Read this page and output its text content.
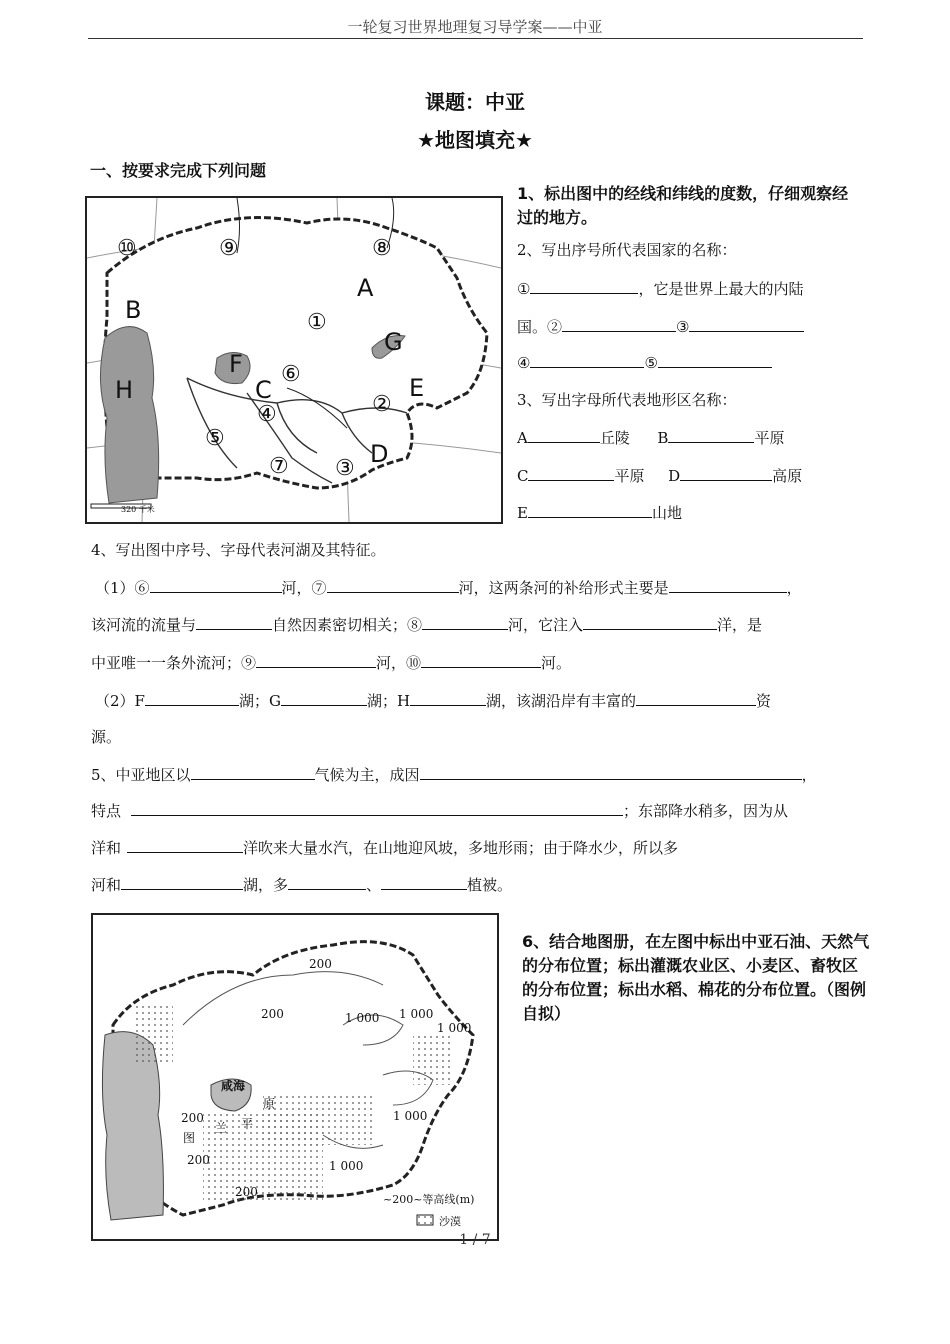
一轮复习世界地理复习导学案——中亚
课题：中亚
★地图填充★
一、按要求完成下列问题
⑩	⑨	⑧
A
B	①
G
F ⑥
C	E
H
②
④
⑤
D
⑦ ③
320 千米
1、标出图中的经线和纬线的度数，仔细观察经过的地方。
2、写出序号所代表国家的名称：
①	，它是世界上最大的内陆
国。②	③
④	⑤
3、写出字母所代表地形区名称：
A	丘陵 B	平原
C	平原 D	高原
E	山地
4、写出图中序号、字母代表河湖及其特征。
（1）⑥	河，⑦	河，这两条河的补给形式主要是	，
该河流的流量与	自然因素密切相关；⑧	河，它注入	洋，是
中亚唯一一条外流河；⑨	河，⑩	河。
（2）F	湖；G	湖；H	湖，该湖沿岸有丰富的	资
源。
5、中亚地区以	气候为主，成因	，
特点	；东部降水稍多，因为从
洋和	洋吹来大量水汽，在山地迎风坡，多地形雨；由于降水少，所以多
河和	湖，多	、	植被。
200
200	1 000 1 000
1 000
咸海
原
1 000
200
图
兰 平
200	1 000
200
~200~等高线(m)
沙漠
6、结合地图册，在左图中标出中亚石油、天然气的分布位置；标出灌溉农业区、小麦区、畜牧区的分布位置；标出水稻、棉花的分布位置。（图例自拟）
1 / 7
